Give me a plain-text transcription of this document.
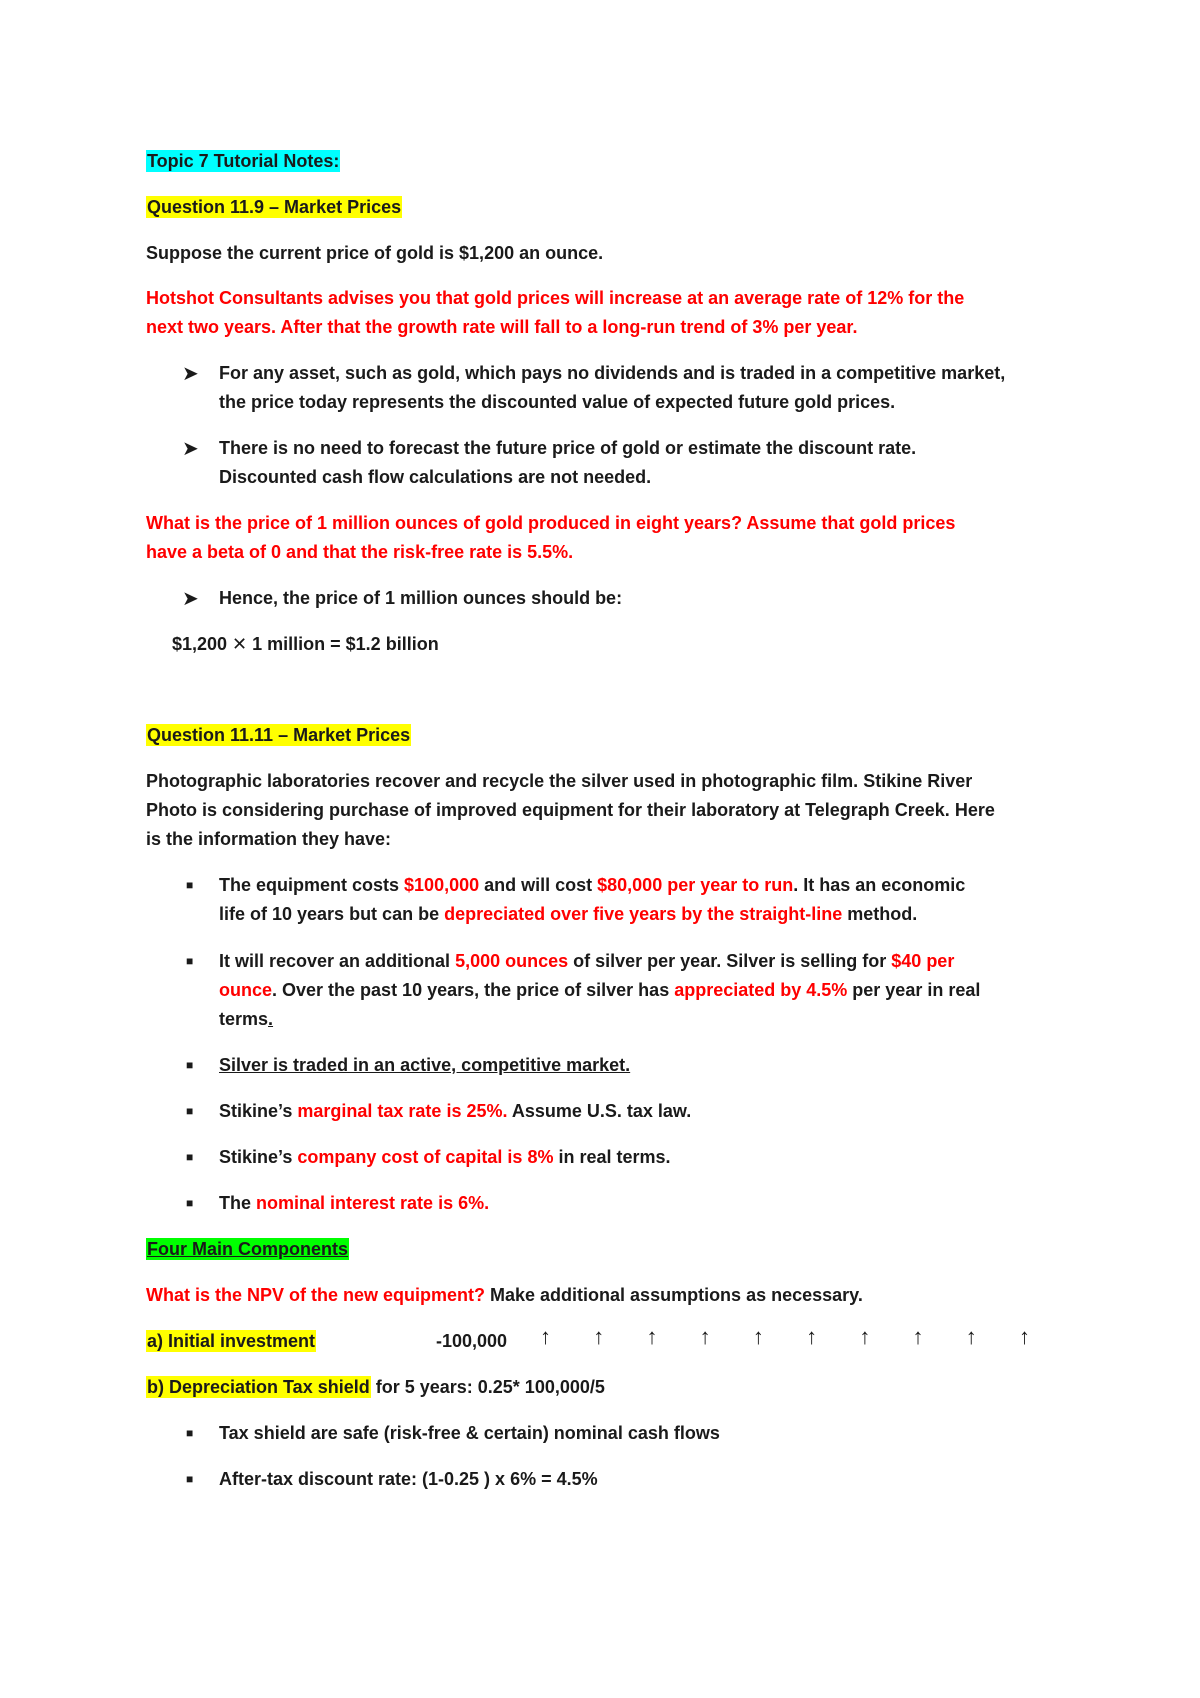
Topic 7 Tutorial Notes:
Question 11.9 – Market Prices
Suppose the current price of gold is $1,200 an ounce.
Hotshot Consultants advises you that gold prices will increase at an average rate of 12% for the
next two years. After that the growth rate will fall to a long-run trend of 3% per year.
➤ For any asset, such as gold, which pays no dividends and is traded in a competitive market,
the price today represents the discounted value of expected future gold prices.
➤ There is no need to forecast the future price of gold or estimate the discount rate.
Discounted cash flow calculations are not needed.
What is the price of 1 million ounces of gold produced in eight years? Assume that gold prices
have a beta of 0 and that the risk-free rate is 5.5%.
➤ Hence, the price of 1 million ounces should be:
$1,200 ✕ 1 million = $1.2 billion
Question 11.11 – Market Prices
Photographic laboratories recover and recycle the silver used in photographic film. Stikine River
Photo is considering purchase of improved equipment for their laboratory at Telegraph Creek. Here
is the information they have:
■ The equipment costs $100,000 and will cost $80,000 per year to run. It has an economic
life of 10 years but can be depreciated over five years by the straight-line method.
■ It will recover an additional 5,000 ounces of silver per year. Silver is selling for $40 per
ounce. Over the past 10 years, the price of silver has appreciated by 4.5% per year in real
terms.
■ Silver is traded in an active, competitive market.
■ Stikine’s marginal tax rate is 25%. Assume U.S. tax law.
■ Stikine’s company cost of capital is 8% in real terms.
■ The nominal interest rate is 6%.
Four Main Components
What is the NPV of the new equipment? Make additional assumptions as necessary.
a) Initial investment	-100,000 ↑ ↑ ↑ ↑ ↑ ↑ ↑ ↑ ↑ ↑
b) Depreciation Tax shield for 5 years: 0.25* 100,000/5
■ Tax shield are safe (risk-free & certain) nominal cash flows
■ After-tax discount rate: (1-0.25 ) x 6% = 4.5%
